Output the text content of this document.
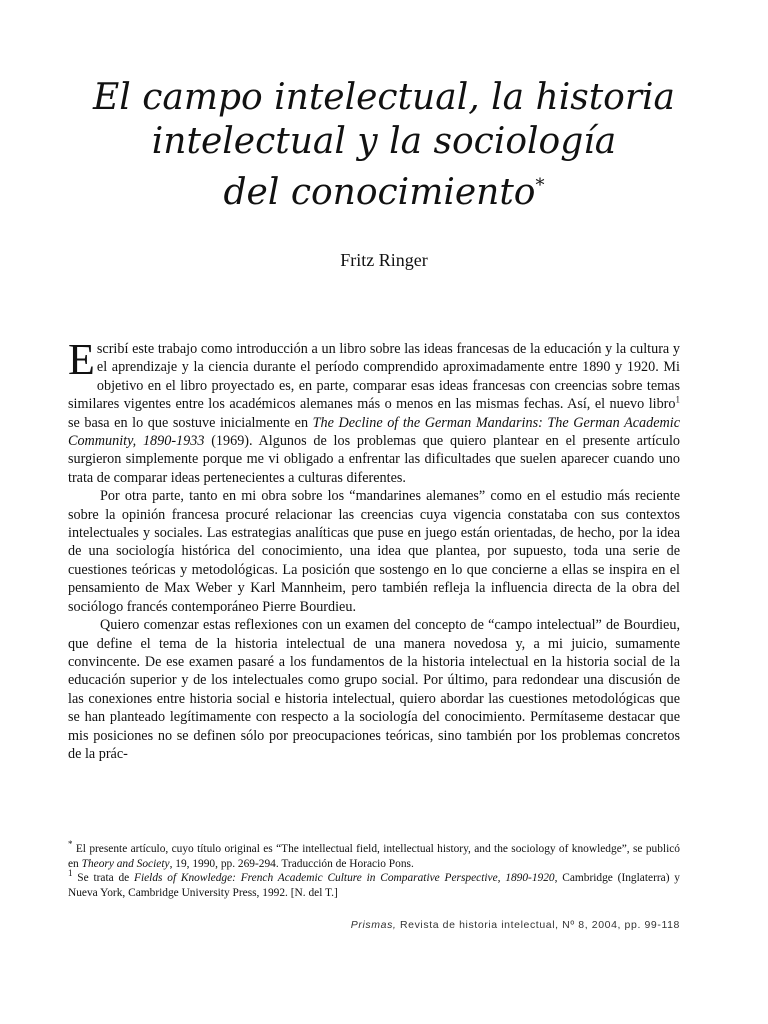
El campo intelectual, la historia
intelectual y la sociología
del conocimiento*
Fritz Ringer

Escribí este trabajo como introducción a un libro sobre las ideas francesas de la educación y la cultura y el aprendizaje y la ciencia durante el período comprendido aproximadamente entre 1890 y 1920. Mi objetivo en el libro proyectado es, en parte, comparar esas ideas francesas con creencias sobre temas similares vigentes entre los académicos alemanes más o menos en las mismas fechas. Así, el nuevo libro$^1$ se basa en lo que sostuve inicialmente en The Decline of the German Mandarins: The German Academic Community, 1890-1933 (1969). Algunos de los problemas que quiero plantear en el presente artículo surgieron simplemente porque me vi obligado a enfrentar las dificultades que suelen aparecer cuando uno trata de comparar ideas pertenecientes a culturas diferentes.

Por otra parte, tanto en mi obra sobre los “mandarines alemanes” como en el estudio más reciente sobre la opinión francesa procuré relacionar las creencias cuya vigencia constataba con sus contextos intelectuales y sociales. Las estrategias analíticas que puse en juego están orientadas, de hecho, por la idea de una sociología histórica del conocimiento, una idea que plantea, por supuesto, toda una serie de cuestiones teóricas y metodológicas. La posición que sostengo en lo que concierne a ellas se inspira en el pensamiento de Max Weber y Karl Mannheim, pero también refleja la influencia directa de la obra del sociólogo francés contemporáneo Pierre Bourdieu.

Quiero comenzar estas reflexiones con un examen del concepto de “campo intelectual” de Bourdieu, que define el tema de la historia intelectual de una manera novedosa y, a mi juicio, sumamente convincente. De ese examen pasaré a los fundamentos de la historia intelectual en la historia social de la educación superior y de los intelectuales como grupo social. Por último, para redondear una discusión de las conexiones entre historia social e historia intelectual, quiero abordar las cuestiones metodológicas que se han planteado legítimamente con respecto a la sociología del conocimiento. Permítaseme destacar que mis posiciones no se definen sólo por preocupaciones teóricas, sino también por los problemas concretos de la prác-

* El presente artículo, cuyo título original es “The intellectual field, intellectual history, and the sociology of knowledge”, se publicó en Theory and Society, 19, 1990, pp. 269-294. Traducción de Horacio Pons.

$^1$ Se trata de Fields of Knowledge: French Academic Culture in Comparative Perspective, 1890-1920, Cambridge (Inglaterra) y Nueva York, Cambridge University Press, 1992. [N. del T.]

Prismas, Revista de historia intelectual, Nº 8, 2004, pp. 99-118
